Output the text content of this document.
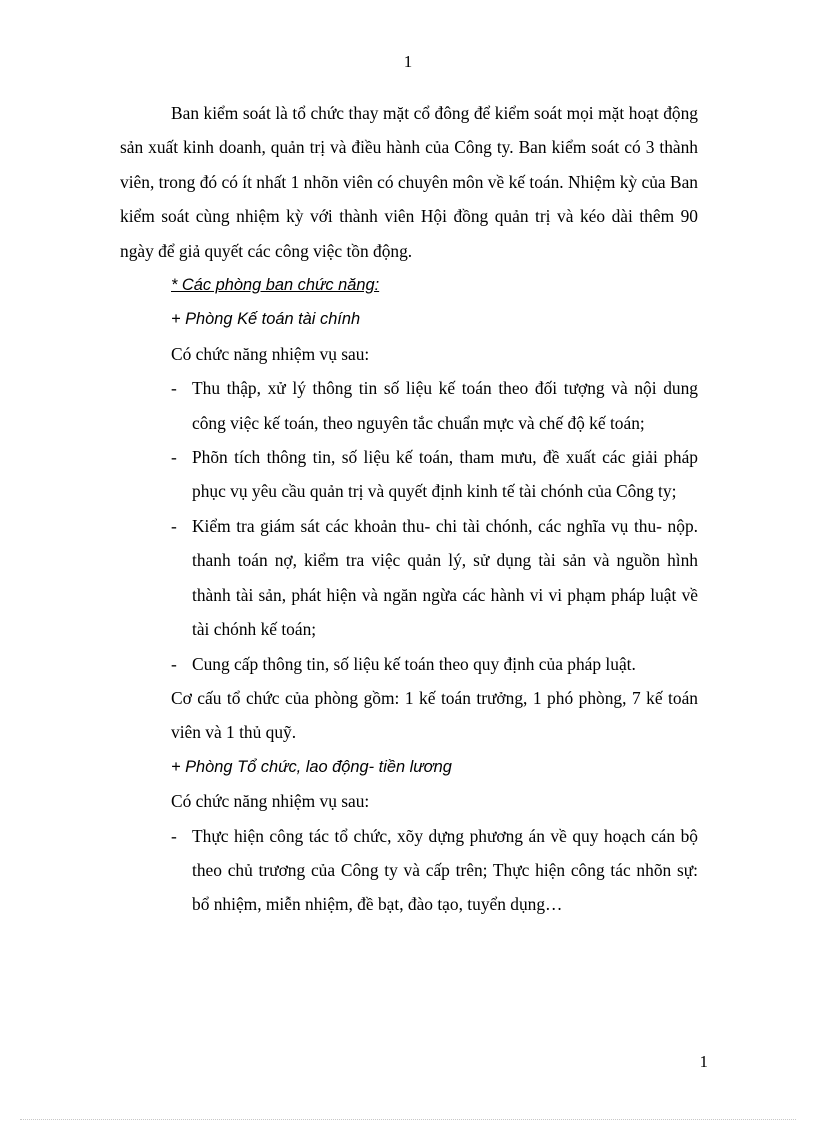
1

Ban kiểm soát là tổ chức thay mặt cổ đông để kiểm soát mọi mặt hoạt động sản xuất kinh doanh, quản trị và điều hành của Công ty. Ban kiểm soát có 3 thành viên, trong đó có ít nhất 1 nhõn viên có chuyên môn về kế toán. Nhiệm kỳ của Ban kiểm soát cùng nhiệm kỳ với thành viên Hội đồng quản trị và kéo dài thêm 90 ngày để giả quyết các công việc tồn động.

* Các phòng ban chức năng:

+ Phòng Kế toán tài chính

Có chức năng nhiệm vụ sau:

- Thu thập, xử lý thông tin số liệu kế toán theo đối tượng và nội dung công việc kế toán, theo nguyên tắc chuẩn mực và chế độ kế toán;
- Phõn tích thông tin, số liệu kế toán, tham mưu, đề xuất các giải pháp phục vụ yêu cầu quản trị và quyết định kinh tế tài chónh của Công ty;
- Kiểm tra giám sát các khoản thu- chi tài chónh, các nghĩa vụ thu- nộp. thanh toán nợ, kiểm tra việc quản lý, sử dụng tài sản và nguồn hình thành tài sản, phát hiện và ngăn ngừa các hành vi vi phạm pháp luật về tài chónh kế toán;
- Cung cấp thông tin, số liệu kế toán theo quy định của pháp luật.

Cơ cấu tổ chức của phòng gồm: 1 kế toán trưởng, 1 phó phòng, 7 kế toán viên và 1 thủ quỹ.

+ Phòng Tổ chức, lao động- tiền lương

Có chức năng nhiệm vụ sau:

- Thực hiện công tác tổ chức, xõy dựng phương án về quy hoạch cán bộ theo chủ trương của Công ty và cấp trên; Thực hiện công tác nhõn sự: bổ nhiệm, miễn nhiệm, đề bạt, đào tạo, tuyển dụng…
1
